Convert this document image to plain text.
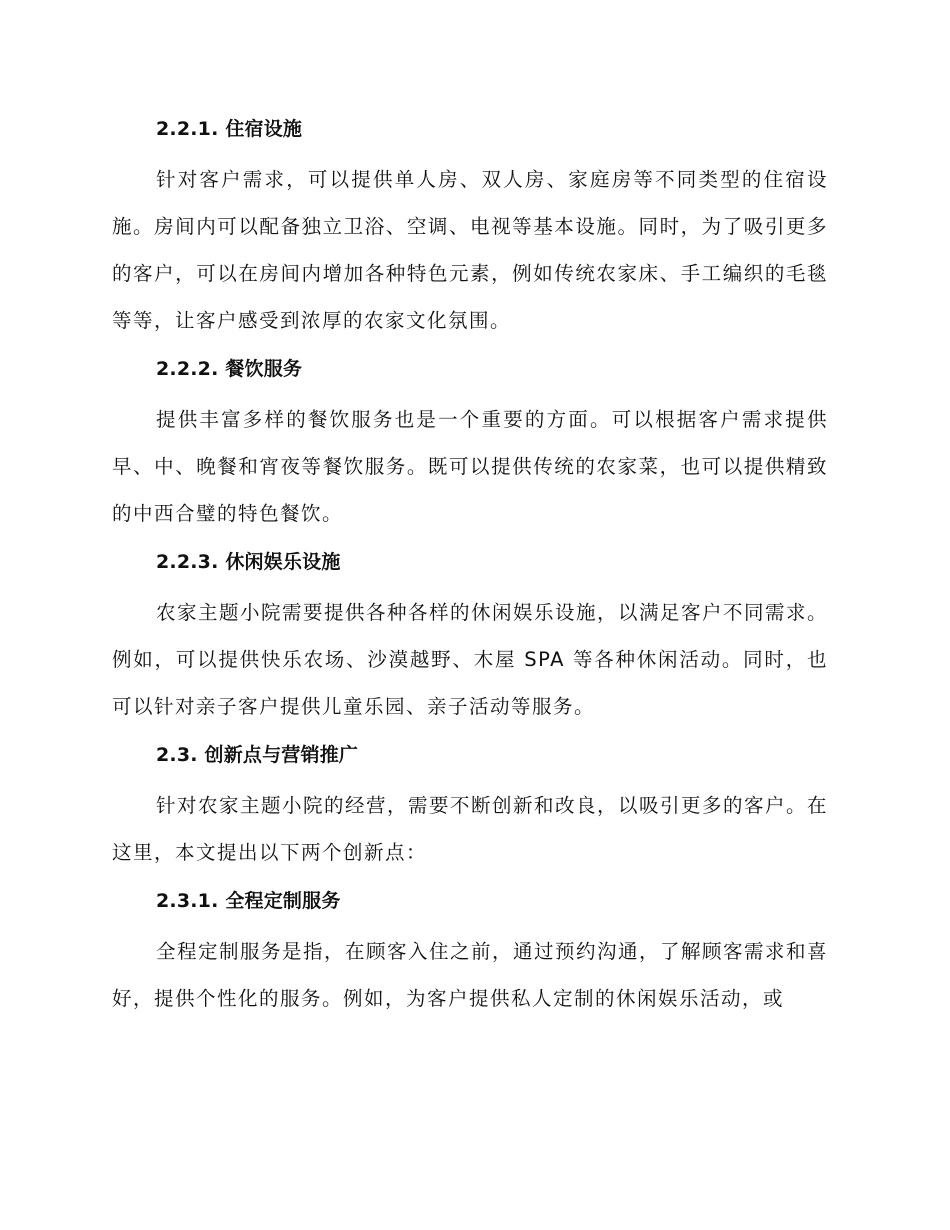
2.2.1. 住宿设施

针对客户需求，可以提供单人房、双人房、家庭房等不同类型的住宿设施。房间内可以配备独立卫浴、空调、电视等基本设施。同时，为了吸引更多的客户，可以在房间内增加各种特色元素，例如传统农家床、手工编织的毛毯等等，让客户感受到浓厚的农家文化氛围。

2.2.2. 餐饮服务

提供丰富多样的餐饮服务也是一个重要的方面。可以根据客户需求提供早、中、晚餐和宵夜等餐饮服务。既可以提供传统的农家菜，也可以提供精致的中西合璧的特色餐饮。

2.2.3. 休闲娱乐设施

农家主题小院需要提供各种各样的休闲娱乐设施，以满足客户不同需求。例如，可以提供快乐农场、沙漠越野、木屋 SPA 等各种休闲活动。同时，也可以针对亲子客户提供儿童乐园、亲子活动等服务。

2.3. 创新点与营销推广

针对农家主题小院的经营，需要不断创新和改良，以吸引更多的客户。在这里，本文提出以下两个创新点：

2.3.1. 全程定制服务

全程定制服务是指，在顾客入住之前，通过预约沟通，了解顾客需求和喜好，提供个性化的服务。例如，为客户提供私人定制的休闲娱乐活动，或
